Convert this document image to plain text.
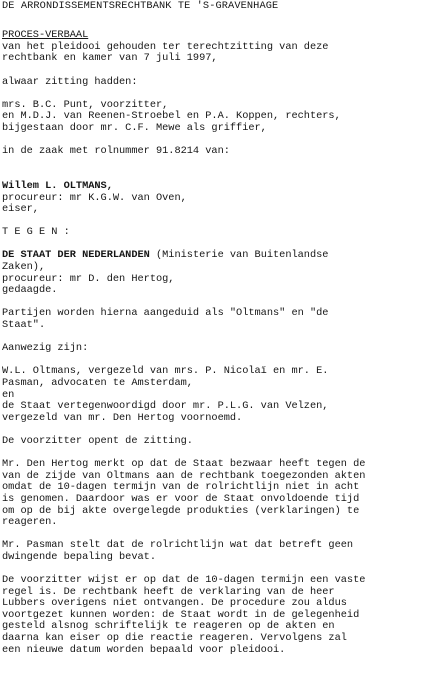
DE ARRONDISSEMENTSRECHTBANK TE 'S-GRAVENHAGE
PROCES-VERBAAL
van het pleidooi gehouden ter terechtzitting van deze
rechtbank en kamer van 7 juli 1997,
alwaar zitting hadden:
mrs. B.C. Punt, voorzitter,
en M.D.J. van Reenen-Stroebel en P.A. Koppen, rechters,
bijgestaan door mr. C.F. Mewe als griffier,
in de zaak met rolnummer 91.8214 van:
Willem L. OLTMANS,
procureur: mr K.G.W. van Oven,
eiser,
T E G E N :
DE STAAT DER NEDERLANDEN (Ministerie van Buitenlandse
Zaken),
procureur: mr D. den Hertog,
gedaagde.
Partijen worden hierna aangeduid als "Oltmans" en "de
Staat".
Aanwezig zijn:
W.L. Oltmans, vergezeld van mrs. P. Nicolaï en mr. E.
Pasman, advocaten te Amsterdam,
en
de Staat vertegenwoordigd door mr. P.L.G. van Velzen,
vergezeld van mr. Den Hertog voornoemd.
De voorzitter opent de zitting.
Mr. Den Hertog merkt op dat de Staat bezwaar heeft tegen de
van de zijde van Oltmans aan de rechtbank toegezonden akten
omdat de 10-dagen termijn van de rolrichtlijn niet in acht
is genomen. Daardoor was er voor de Staat onvoldoende tijd
om op de bij akte overgelegde produkties (verklaringen) te
reageren.
Mr. Pasman stelt dat de rolrichtlijn wat dat betreft geen
dwingende bepaling bevat.
De voorzitter wijst er op dat de 10-dagen termijn een vaste
regel is. De rechtbank heeft de verklaring van de heer
Lubbers overigens niet ontvangen. De procedure zou aldus
voortgezet kunnen worden: de Staat wordt in de gelegenheid
gesteld alsnog schriftelijk te reageren op de akten en
daarna kan eiser op die reactie reageren. Vervolgens zal
een nieuwe datum worden bepaald voor pleidooi.
